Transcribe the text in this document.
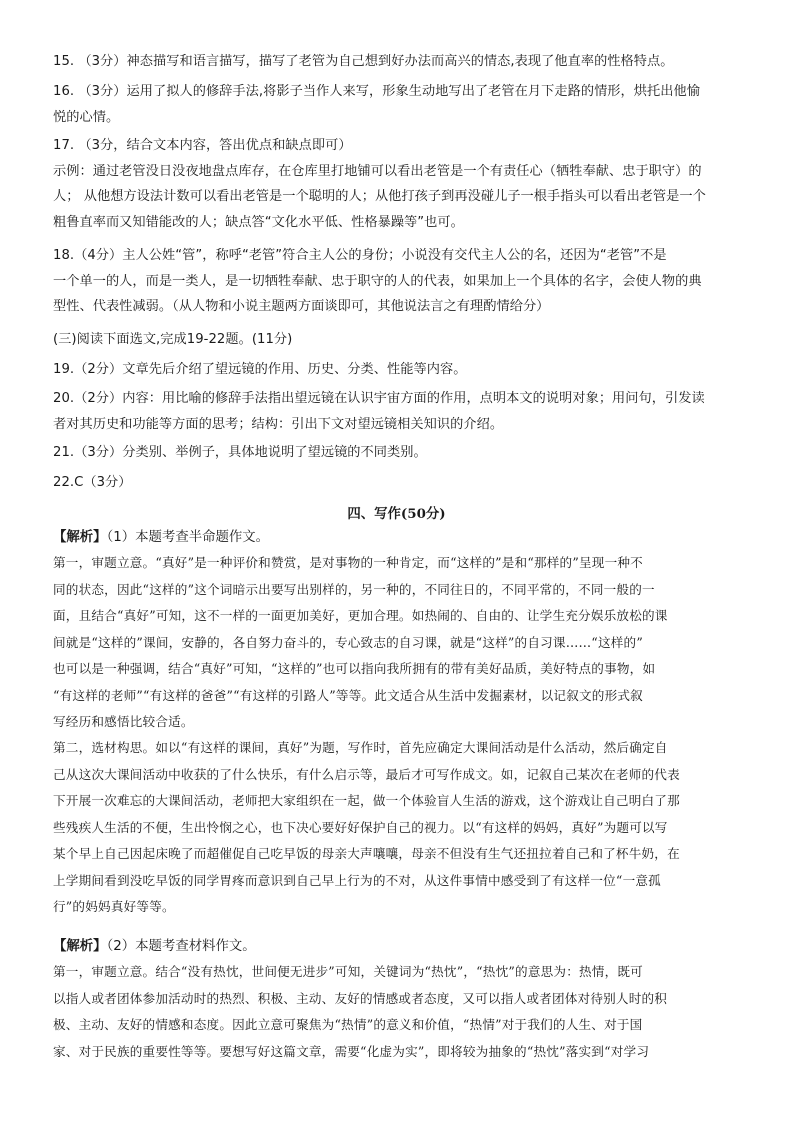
15. （3分）神态描写和语言描写，描写了老管为自己想到好办法而高兴的情态,表现了他直率的性格特点。
16. （3分）运用了拟人的修辞手法,将影子当作人来写，形象生动地写出了老管在月下走路的情形，烘托出他愉
悦的心情。
17. （3分，结合文本内容，答出优点和缺点即可）
示例：通过老管没日没夜地盘点库存，在仓库里打地铺可以看出老管是一个有责任心（牺牲奉献、忠于职守）的
人； 从他想方设法计数可以看出老管是一个聪明的人；从他打孩子到再没碰儿子一根手指头可以看出老管是一个
粗鲁直率而又知错能改的人；缺点答“文化水平低、性格暴躁等”也可。
18.（4分）主人公姓“管”，称呼“老管”符合主人公的身份；小说没有交代主人公的名，还因为“老管”不是
一个单一的人，而是一类人，是一切牺牲奉献、忠于职守的人的代表，如果加上一个具体的名字，会使人物的典
型性、代表性减弱。（从人物和小说主题两方面谈即可，其他说法言之有理酌情给分）
(三)阅读下面选文,完成19-22题。(11分)
19.（2分）文章先后介绍了望远镜的作用、历史、分类、性能等内容。
20.（2分）内容：用比喻的修辞手法指出望远镜在认识宇宙方面的作用，点明本文的说明对象；用问句，引发读
者对其历史和功能等方面的思考；结构：引出下文对望远镜相关知识的介绍。
21.（3分）分类别、举例子，具体地说明了望远镜的不同类别。
22.C（3分）
四、写作(50分)
【解析】（1）本题考查半命题作文。
第一，审题立意。“真好”是一种评价和赞赏，是对事物的一种肯定，而“这样的”是和“那样的”呈现一种不
同的状态，因此“这样的”这个词暗示出要写出别样的，另一种的，不同往日的，不同平常的，不同一般的一
面，且结合“真好”可知，这不一样的一面更加美好，更加合理。如热闹的、自由的、让学生充分娱乐放松的课
间就是“这样的”课间，安静的，各自努力奋斗的，专心致志的自习课，就是“这样”的自习课……“这样的”
也可以是一种强调，结合“真好”可知，“这样的”也可以指向我所拥有的带有美好品质，美好特点的事物，如
“有这样的老师”“有这样的爸爸”“有这样的引路人”等等。此文适合从生活中发掘素材，以记叙文的形式叙
写经历和感悟比较合适。
第二，选材构思。如以“有这样的课间，真好”为题，写作时，首先应确定大课间活动是什么活动，然后确定自
己从这次大课间活动中收获的了什么快乐，有什么启示等，最后才可写作成文。如，记叙自己某次在老师的代表
下开展一次难忘的大课间活动，老师把大家组织在一起，做一个体验盲人生活的游戏，这个游戏让自己明白了那
些残疾人生活的不便，生出怜悯之心，也下决心要好好保护自己的视力。以“有这样的妈妈，真好”为题可以写
某个早上自己因起床晚了而超催促自己吃早饭的母亲大声嚷嚷，母亲不但没有生气还扭拉着自己和了杯牛奶，在
上学期间看到没吃早饭的同学胃疼而意识到自己早上行为的不对，从这件事情中感受到了有这样一位“一意孤
行”的妈妈真好等等。
【解析】（2）本题考查材料作文。
第一，审题立意。结合“没有热忱，世间便无进步”可知，关键词为“热忱”，“热忱”的意思为：热情，既可
以指人或者团体参加活动时的热烈、积极、主动、友好的情感或者态度，又可以指人或者团体对待别人时的积
极、主动、友好的情感和态度。因此立意可聚焦为“热情”的意义和价值，“热情”对于我们的人生、对于国
家、对于民族的重要性等等。要想写好这篇文章，需要“化虚为实”，即将较为抽象的“热忱”落实到“对学习
